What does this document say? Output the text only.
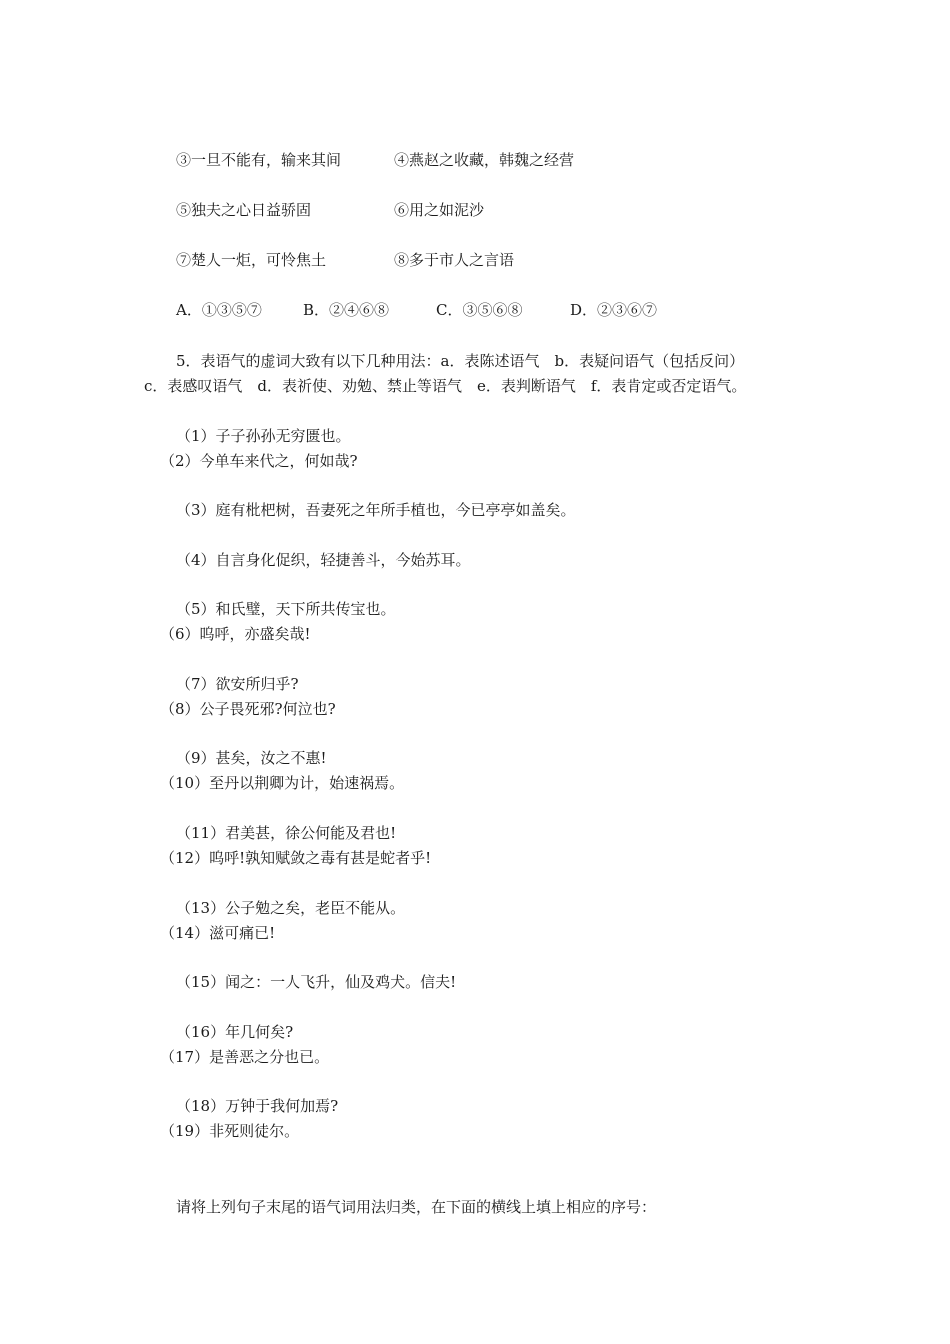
③一旦不能有，输来其间	④燕赵之收藏，韩魏之经营
⑤独夫之心日益骄固	⑥用之如泥沙
⑦楚人一炬，可怜焦土	⑧多于市人之言语
A．①③⑤⑦	B．②④⑥⑧	C．③⑤⑥⑧	D．②③⑥⑦
5．表语气的虚词大致有以下几种用法：a．表陈述语气　b．表疑问语气（包括反问）
c．表感叹语气　d．表祈使、劝勉、禁止等语气　e．表判断语气　f．表肯定或否定语气。
（1）子子孙孙无穷匮也。
（2）今单车来代之，何如哉?
（3）庭有枇杷树，吾妻死之年所手植也，今已亭亭如盖矣。
（4）自言身化促织，轻捷善斗，今始苏耳。
（5）和氏璧，天下所共传宝也。
（6）呜呼，亦盛矣哉!
（7）欲安所归乎?
（8）公子畏死邪?何泣也?
（9）甚矣，汝之不惠!
（10）至丹以荆卿为计，始速祸焉。
（11）君美甚，徐公何能及君也!
（12）呜呼!孰知赋敛之毒有甚是蛇者乎!
（13）公子勉之矣，老臣不能从。
（14）滋可痛已!
（15）闻之：一人飞升，仙及鸡犬。信夫!
（16）年几何矣?
（17）是善恶之分也已。
（18）万钟于我何加焉?
（19）非死则徒尔。
请将上列句子末尾的语气词用法归类，在下面的横线上填上相应的序号：
